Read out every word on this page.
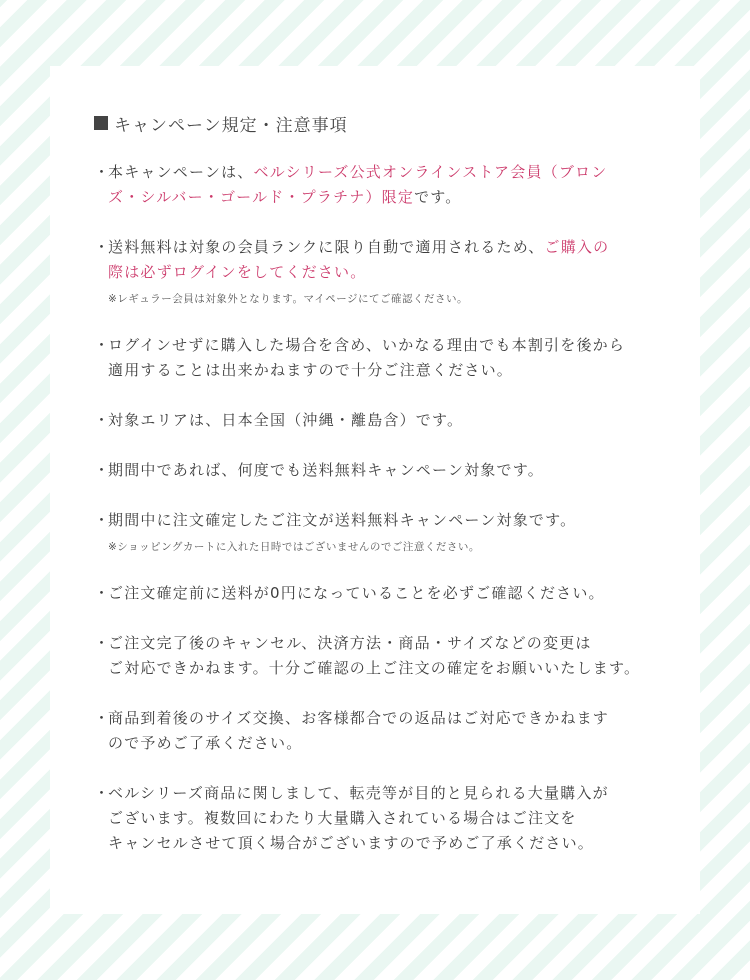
キャンペーン規定・注意事項
・
本キャンペーンは、ベルシリーズ公式オンラインストア会員（ブロン
ズ・シルバー・ゴールド・プラチナ）限定です。
・
送料無料は対象の会員ランクに限り自動で適用されるため、ご購入の
際は必ずログインをしてください。
※レギュラー会員は対象外となります。マイページにてご確認ください。
・
ログインせずに購入した場合を含め、いかなる理由でも本割引を後から
適用することは出来かねますので十分ご注意ください。
・
対象エリアは、日本全国（沖縄・離島含）です。
・
期間中であれば、何度でも送料無料キャンペーン対象です。
・
期間中に注文確定したご注文が送料無料キャンペーン対象です。
※ショッピングカートに入れた日時ではございませんのでご注意ください。
・
ご注文確定前に送料が0円になっていることを必ずご確認ください。
・
ご注文完了後のキャンセル、決済方法・商品・サイズなどの変更は
ご対応できかねます。十分ご確認の上ご注文の確定をお願いいたします。
・
商品到着後のサイズ交換、お客様都合での返品はご対応できかねます
ので予めご了承ください。
・
ベルシリーズ商品に関しまして、転売等が目的と見られる大量購入が
ございます。複数回にわたり大量購入されている場合はご注文を
キャンセルさせて頂く場合がございますので予めご了承ください。
